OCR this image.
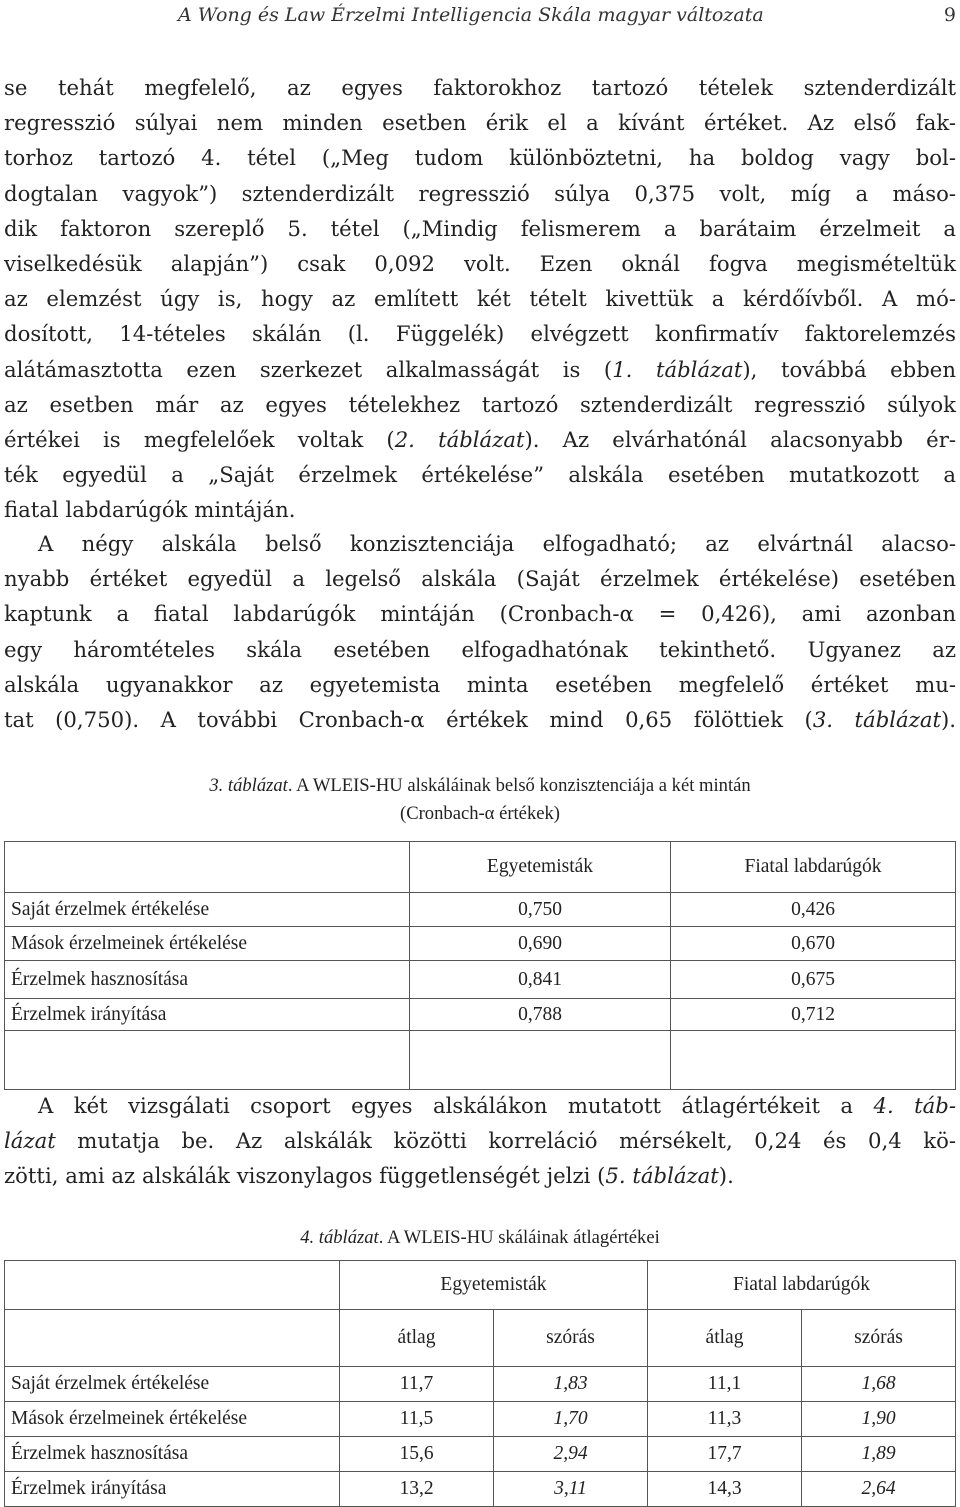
A Wong és Law Érzelmi Intelligencia Skála magyar változata	9
se tehát megfelelő, az egyes faktorokhoz tartozó tételek sztenderdizált
regresszió súlyai nem minden esetben érik el a kívánt értéket. Az első fak-
torhoz tartozó 4. tétel („Meg tudom különböztetni, ha boldog vagy bol-
dogtalan vagyok”) sztenderdizált regresszió súlya 0,375 volt, míg a máso-
dik faktoron szereplő 5. tétel („Mindig felismerem a barátaim érzelmeit a
viselkedésük alapján”) csak 0,092 volt. Ezen oknál fogva megismételtük
az elemzést úgy is, hogy az említett két tételt kivettük a kérdőívből. A mó-
dosított, 14-tételes skálán (l. Függelék) elvégzett konfirmatív faktorelemzés
alátámasztotta ezen szerkezet alkalmasságát is (1. táblázat), továbbá ebben
az esetben már az egyes tételekhez tartozó sztenderdizált regresszió súlyok
értékei is megfelelőek voltak (2. táblázat). Az elvárhatónál alacsonyabb ér-
ték egyedül a „Saját érzelmek értékelése” alskála esetében mutatkozott a
fiatal labdarúgók mintáján.
A négy alskála belső konzisztenciája elfogadható; az elvártnál alacso-
nyabb értéket egyedül a legelső alskála (Saját érzelmek értékelése) esetében
kaptunk a fiatal labdarúgók mintáján (Cronbach-α = 0,426), ami azonban
egy háromtételes skála esetében elfogadhatónak tekinthető. Ugyanez az
alskála ugyanakkor az egyetemista minta esetében megfelelő értéket mu-
tat (0,750). A további Cronbach-α értékek mind 0,65 fölöttiek (3. táblázat).
3. táblázat. A WLEIS-HU alskáláinak belső konzisztenciája a két mintán
(Cronbach-α értékek)
	Egyetemisták	Fiatal labdarúgók
Saját érzelmek értékelése	0,750	0,426
Mások érzelmeinek értékelése	0,690	0,670
Érzelmek hasznosítása	0,841	0,675
Érzelmek irányítása	0,788	0,712

A két vizsgálati csoport egyes alskálákon mutatott átlagértékeit a 4. táb-
lázat mutatja be. Az alskálák közötti korreláció mérsékelt, 0,24 és 0,4 kö-
zötti, ami az alskálák viszonylagos függetlenségét jelzi (5. táblázat).
4. táblázat. A WLEIS-HU skáláinak átlagértékei
	Egyetemisták		Fiatal labdarúgók	
	átlag	szórás	átlag	szórás
Saját érzelmek értékelése	11,7	1,83	11,1	1,68
Mások érzelmeinek értékelése	11,5	1,70	11,3	1,90
Érzelmek hasznosítása	15,6	2,94	17,7	1,89
Érzelmek irányítása	13,2	3,11	14,3	2,64
